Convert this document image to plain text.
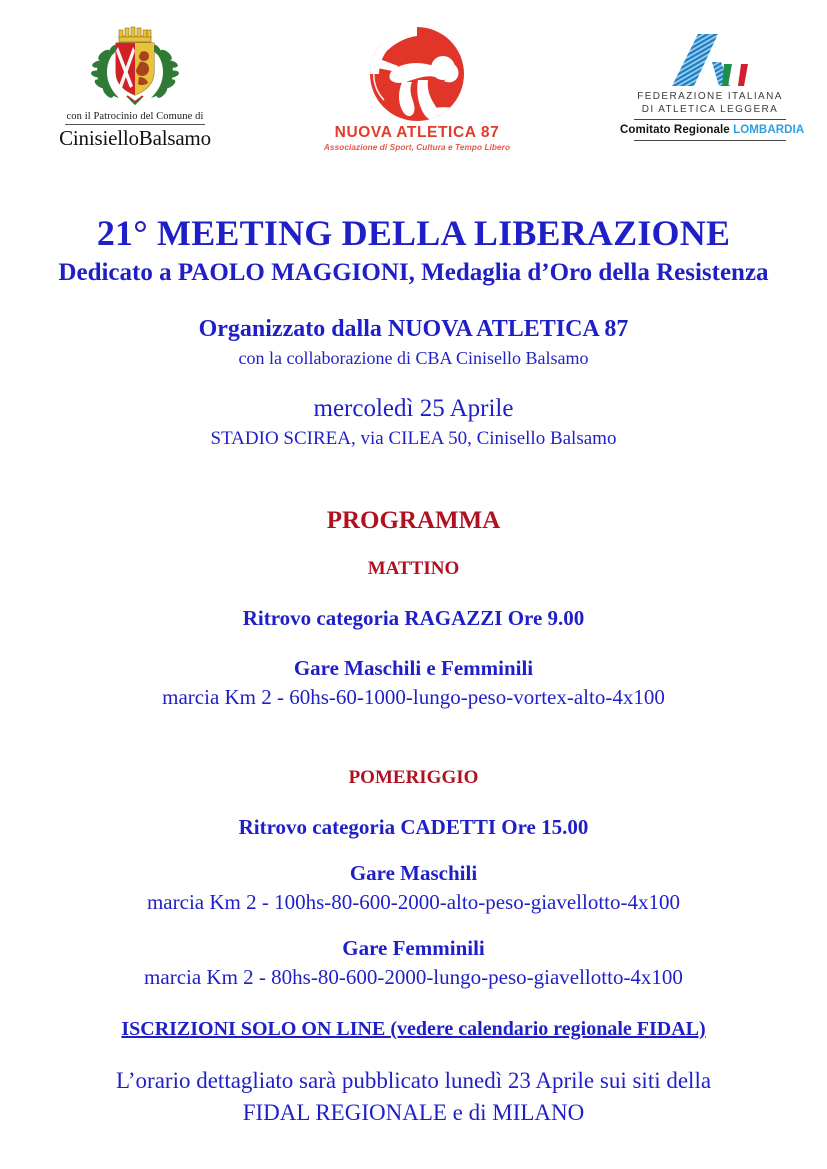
con il Patrocinio del Comune di
CinisielloBalsamo	NUOVA ATLETICA 87
Associazione di Sport, Cultura e Tempo Libero
FEDERAZIONE ITALIANA
DI ATLETICA LEGGERA
Comitato Regionale LOMBARDIA
21° MEETING DELLA LIBERAZIONE
Dedicato a PAOLO MAGGIONI, Medaglia d’Oro della Resistenza
Organizzato dalla NUOVA ATLETICA 87
con la collaborazione di CBA Cinisello Balsamo
mercoledì 25 Aprile
STADIO SCIREA, via CILEA 50, Cinisello Balsamo
PROGRAMMA
MATTINO
Ritrovo categoria RAGAZZI Ore 9.00
Gare Maschili e Femminili
marcia Km 2 - 60hs-60-1000-lungo-peso-vortex-alto-4x100
POMERIGGIO
Ritrovo categoria CADETTI Ore 15.00
Gare Maschili
marcia Km 2 - 100hs-80-600-2000-alto-peso-giavellotto-4x100
Gare Femminili
marcia Km 2 - 80hs-80-600-2000-lungo-peso-giavellotto-4x100
ISCRIZIONI SOLO ON LINE (vedere calendario regionale FIDAL)
L’orario dettagliato sarà pubblicato lunedì 23 Aprile sui siti della
FIDAL REGIONALE e di MILANO
